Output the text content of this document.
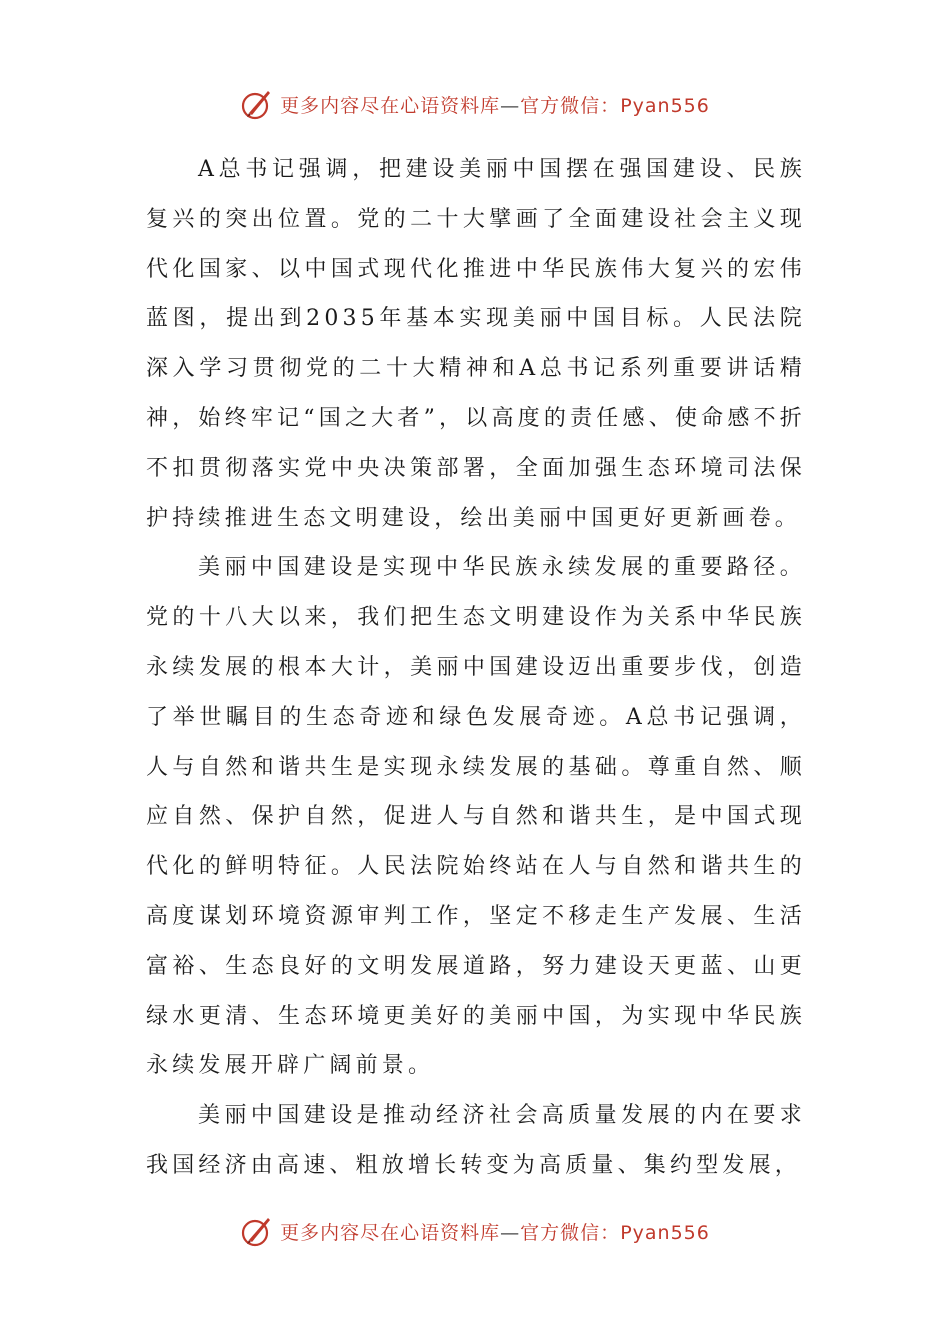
更多内容尽在心语资料库—官方微信：Pyan556

A总书记强调，把建设美丽中国摆在强国建设、民族复兴的突出位置。党的二十大擘画了全面建设社会主义现代化国家、以中国式现代化推进中华民族伟大复兴的宏伟蓝图，提出到2035年基本实现美丽中国目标。人民法院深入学习贯彻党的二十大精神和A总书记系列重要讲话精神，始终牢记“国之大者”，以高度的责任感、使命感不折不扣贯彻落实党中央决策部署，全面加强生态环境司法保护持续推进生态文明建设，绘出美丽中国更好更新画卷。

美丽中国建设是实现中华民族永续发展的重要路径。党的十八大以来，我们把生态文明建设作为关系中华民族永续发展的根本大计，美丽中国建设迈出重要步伐，创造了举世瞩目的生态奇迹和绿色发展奇迹。A总书记强调，人与自然和谐共生是实现永续发展的基础。尊重自然、顺应自然、保护自然，促进人与自然和谐共生，是中国式现代化的鲜明特征。人民法院始终站在人与自然和谐共生的高度谋划环境资源审判工作，坚定不移走生产发展、生活富裕、生态良好的文明发展道路，努力建设天更蓝、山更绿水更清、生态环境更美好的美丽中国，为实现中华民族永续发展开辟广阔前景。

美丽中国建设是推动经济社会高质量发展的内在要求我国经济由高速、粗放增长转变为高质量、集约型发展，

更多内容尽在心语资料库—官方微信：Pyan556
